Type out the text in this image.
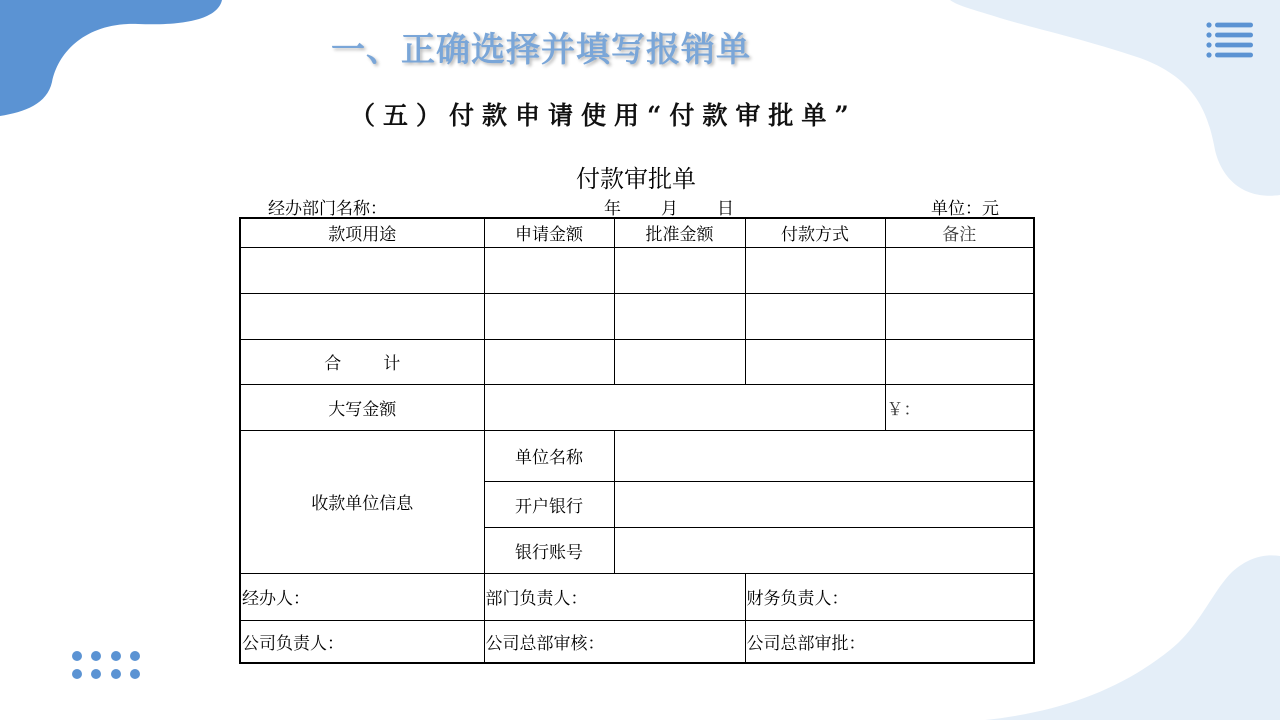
一、正确选择并填写报销单
（五）付款申请使用“付款审批单”
付款审批单
经办部门名称：	年 月 日	单位：元
款项用途	申请金额	批准金额	付款方式	备注

合 计				
大写金额				￥：
收款单位信息	单位名称			
	开户银行			
	银行账号			
经办人：	部门负责人：		财务负责人：	
公司负责人：	公司总部审核：		公司总部审批：	
